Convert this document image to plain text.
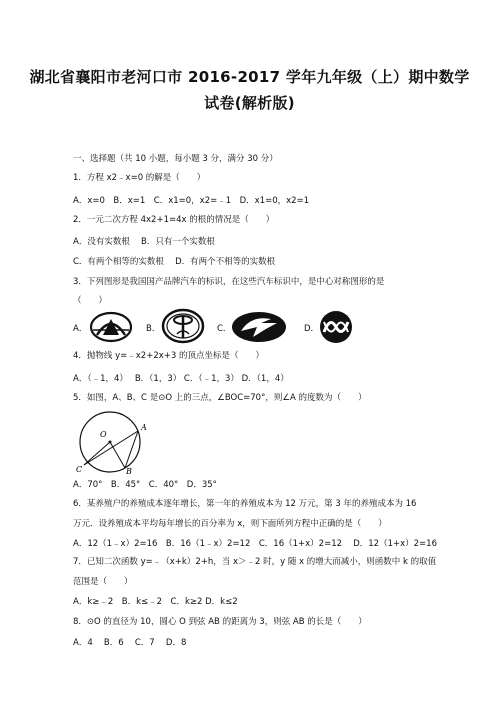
湖北省襄阳市老河口市 2016-2017 学年九年级（上）期中数学
试卷(解析版)
一、选择题（共 10 小题，每小题 3 分，满分 30 分）
1．方程 x2﹣x=0 的解是（　　）
A．x=0　B．x=1　C．x1=0，x2=﹣1　D．x1=0，x2=1
2．一元二次方程 4x2+1=4x 的根的情况是（　　）
A．没有实数根　 B．只有一个实数根
C．有两个相等的实数根　 D．有两个不相等的实数根
3．下列图形是我国国产品牌汽车的标识，在这些汽车标识中，是中心对称图形的是
（　　）
A．	B．	C．	D．
4．抛物线 y=﹣x2+2x+3 的顶点坐标是（　　）
A．（﹣1，4）　 B．（1，3） C．（﹣1，3） D．（1，4）
5．如图，A、B、C 是⊙O 上的三点，∠BOC=70°，则∠A 的度数为（　　）
O
A
B
C
A．70°　B．45°　C．40°　D．35°
6．某养殖户的养殖成本逐年增长，第一年的养殖成本为 12 万元，第 3 年的养殖成本为 16
万元．设养殖成本平均每年增长的百分率为 x，则下面所列方程中正确的是（　　）
A．12（1﹣x）2=16　B．16（1﹣x）2=12　C．16（1+x）2=12　 D．12（1+x）2=16
7．已知二次函数 y=﹣（x+k）2+h，当 x＞﹣2 时，y 随 x 的增大而减小，则函数中 k 的取值
范围是（　　）
A．k≥﹣2　B．k≤﹣2　C．k≥2 D．k≤2
8．⊙O 的直径为 10，圆心 O 到弦 AB 的距离为 3，则弦 AB 的长是（　　）
A．4　 B．6　 C．7　 D．8
